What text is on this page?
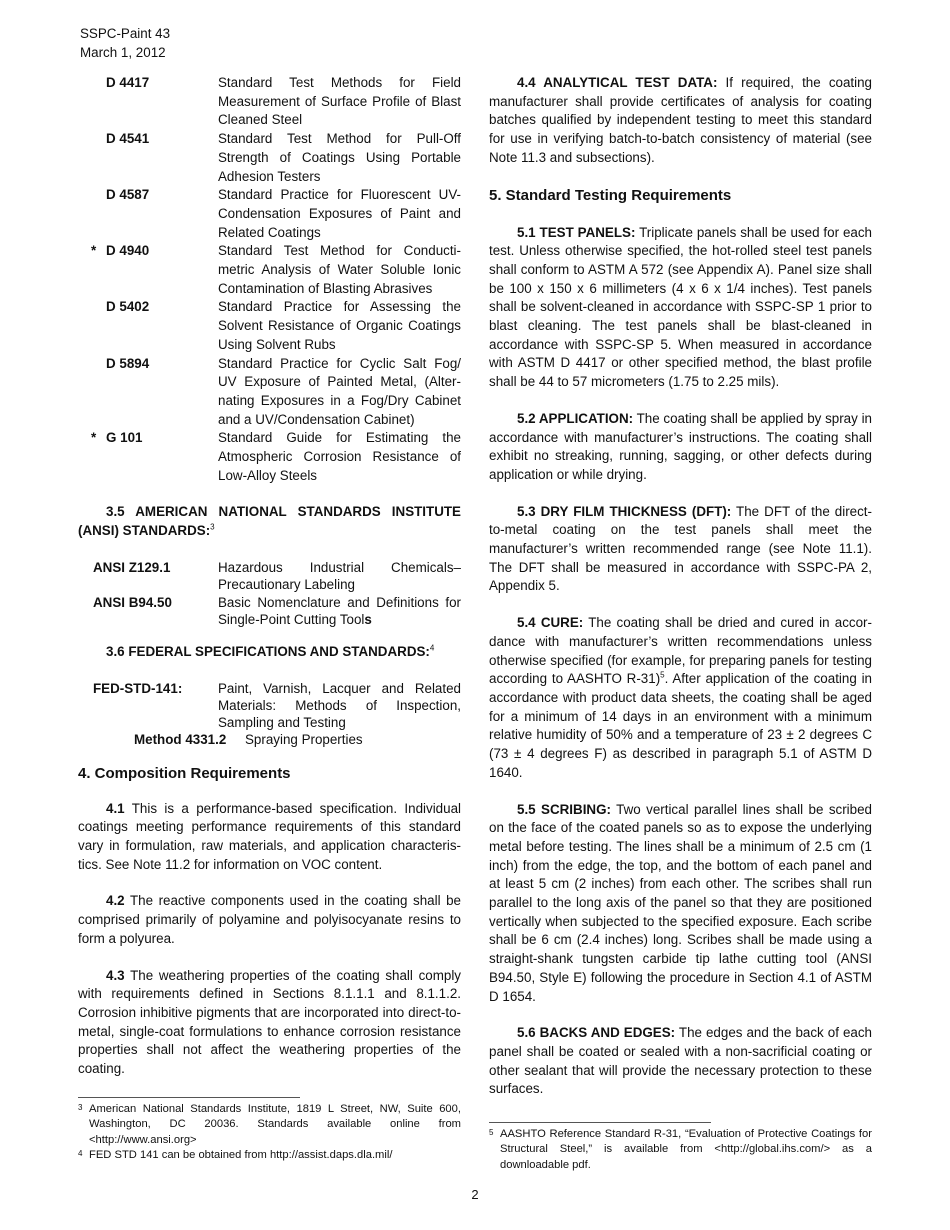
SSPC-Paint 43
March 1, 2012
D 4417	Standard Test Methods for Field Measurement of Surface Profile of Blast Cleaned Steel
D 4541	Standard Test Method for Pull-Off Strength of Coatings Using Portable Adhesion Testers
D 4587	Standard Practice for Fluorescent UV-Condensation Exposures of Paint and Related Coatings
* D 4940	Standard Test Method for Conductimetric Analysis of Water Soluble Ionic Contamination of Blasting Abrasives
D 5402	Standard Practice for Assessing the Solvent Resistance of Organic Coatings Using Solvent Rubs
D 5894	Standard Practice for Cyclic Salt Fog/ UV Exposure of Painted Metal, (Alternating Exposures in a Fog/Dry Cabinet and a UV/Condensation Cabinet)
* G 101	Standard Guide for Estimating the Atmospheric Corrosion Resistance of Low-Alloy Steels

3.5 AMERICAN NATIONAL STANDARDS INSTITUTE (ANSI) STANDARDS:$^3$

ANSI Z129.1	Hazardous Industrial Chemicals– Precautionary Labeling
ANSI B94.50	Basic Nomenclature and Definitions for Single-Point Cutting Tools

3.6 FEDERAL SPECIFICATIONS AND STANDARDS:$^4$

FED-STD-141:	Paint, Varnish, Lacquer and Related Materials: Methods of Inspection, Sampling and Testing
Method 4331.2 Spraying Properties
4. Composition Requirements

4.1 This is a performance-based specification. Individual coatings meeting performance requirements of this standard vary in formulation, raw materials, and application characteristics. See Note 11.2 for information on VOC content.

4.2 The reactive components used in the coating shall be comprised primarily of polyamine and polyisocyanate resins to form a polyurea.

4.3 The weathering properties of the coating shall comply with requirements defined in Sections 8.1.1.1 and 8.1.1.2. Corrosion inhibitive pigments that are incorporated into direct-to-metal, single-coat formulations to enhance corrosion resistance properties shall not affect the weathering properties of the coating.

4.4 ANALYTICAL TEST DATA: If required, the coating manufacturer shall provide certificates of analysis for coating batches qualified by independent testing to meet this standard for use in verifying batch-to-batch consistency of material (see Note 11.3 and subsections).

5. Standard Testing Requirements

5.1 TEST PANELS: Triplicate panels shall be used for each test. Unless otherwise specified, the hot-rolled steel test panels shall conform to ASTM A 572 (see Appendix A). Panel size shall be 100 x 150 x 6 millimeters (4 x 6 x 1/4 inches). Test panels shall be solvent-cleaned in accordance with SSPC-SP 1 prior to blast cleaning. The test panels shall be blast-cleaned in accordance with SSPC-SP 5. When measured in accordance with ASTM D 4417 or other specified method, the blast profile shall be 44 to 57 micrometers (1.75 to 2.25 mils).

5.2 APPLICATION: The coating shall be applied by spray in accordance with manufacturer’s instructions. The coating shall exhibit no streaking, running, sagging, or other defects during application or while drying.

5.3 DRY FILM THICKNESS (DFT): The DFT of the direct-to-metal coating on the test panels shall meet the manufacturer’s written recommended range (see Note 11.1). The DFT shall be measured in accordance with SSPC-PA 2, Appendix 5.

5.4 CURE: The coating shall be dried and cured in accordance with manufacturer’s written recommendations unless otherwise specified (for example, for preparing panels for testing according to AASHTO R-31)$^5$. After application of the coating in accordance with product data sheets, the coating shall be aged for a minimum of 14 days in an environment with a minimum relative humidity of 50% and a temperature of 23 ± 2 degrees C (73 ± 4 degrees F) as described in paragraph 5.1 of ASTM D 1640.

5.5 SCRIBING: Two vertical parallel lines shall be scribed on the face of the coated panels so as to expose the underlying metal before testing. The lines shall be a minimum of 2.5 cm (1 inch) from the edge, the top, and the bottom of each panel and at least 5 cm (2 inches) from each other. The scribes shall run parallel to the long axis of the panel so that they are positioned vertically when subjected to the specified exposure. Each scribe shall be 6 cm (2.4 inches) long. Scribes shall be made using a straight-shank tungsten carbide tip lathe cutting tool (ANSI B94.50, Style E) following the procedure in Section 4.1 of ASTM D 1654.

5.6 BACKS AND EDGES: The edges and the back of each panel shall be coated or sealed with a non-sacrificial coating or other sealant that will provide the necessary protection to these surfaces.

3 American National Standards Institute, 1819 L Street, NW, Suite 600, Washington, DC 20036. Standards available online from <http://www.ansi.org>
4 FED STD 141 can be obtained from http://assist.daps.dla.mil/
5 AASHTO Reference Standard R-31, “Evaluation of Protective Coatings for Structural Steel,” is available from <http://global.ihs.com/> as a downloadable pdf.
2
